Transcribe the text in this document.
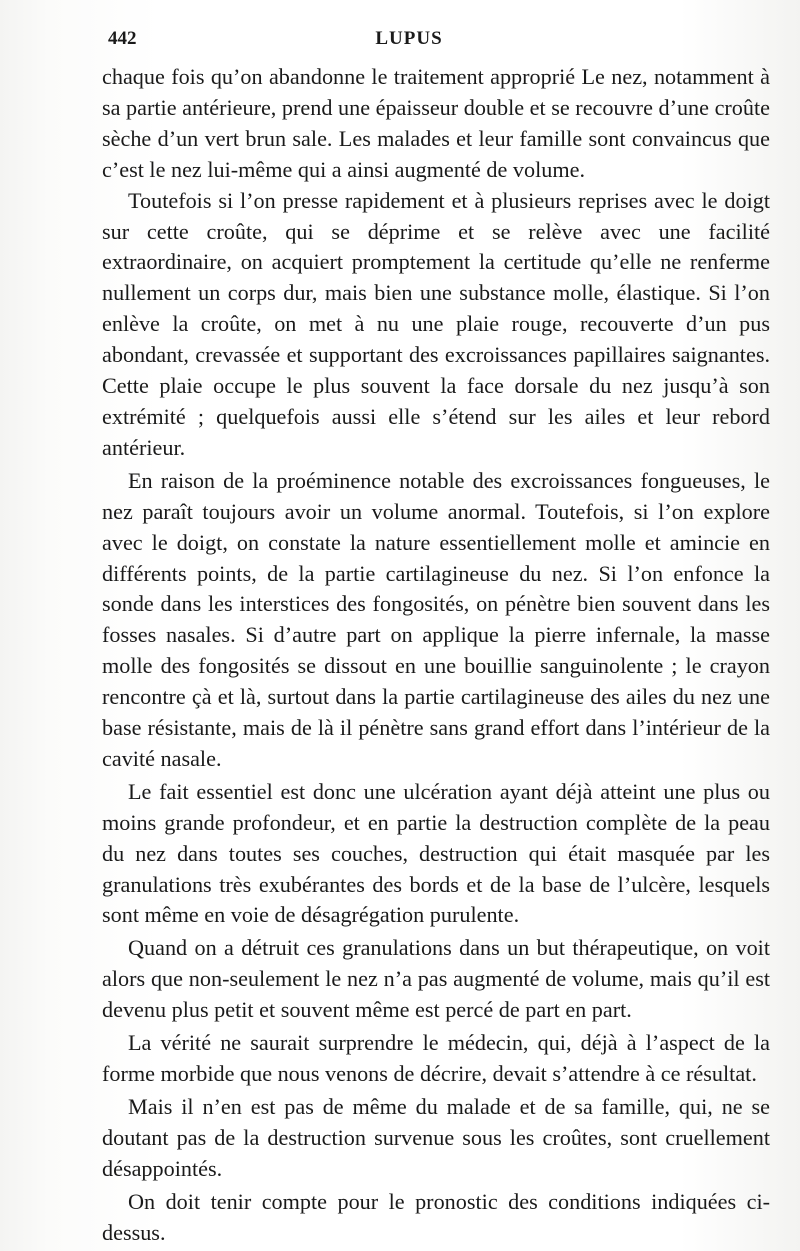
442	LUPUS

chaque fois qu’on abandonne le traitement approprié Le nez, notamment à sa partie antérieure, prend une épaisseur double et se recouvre d’une croûte sèche d’un vert brun sale. Les malades et leur famille sont convaincus que c’est le nez lui-même qui a ainsi augmenté de volume.

Toutefois si l’on presse rapidement et à plusieurs reprises avec le doigt sur cette croûte, qui se déprime et se relève avec une facilité extraordinaire, on acquiert promptement la certitude qu’elle ne renferme nullement un corps dur, mais bien une substance molle, élastique. Si l’on enlève la croûte, on met à nu une plaie rouge, recouverte d’un pus abondant, crevassée et supportant des excroissances papillaires saignantes. Cette plaie occupe le plus souvent la face dorsale du nez jusqu’à son extrémité ; quelquefois aussi elle s’étend sur les ailes et leur rebord antérieur.

En raison de la proéminence notable des excroissances fongueuses, le nez paraît toujours avoir un volume anormal. Toutefois, si l’on explore avec le doigt, on constate la nature essentiellement molle et amincie en différents points, de la partie cartilagineuse du nez. Si l’on enfonce la sonde dans les interstices des fongosités, on pénètre bien souvent dans les fosses nasales. Si d’autre part on applique la pierre infernale, la masse molle des fongosités se dissout en une bouillie sanguinolente ; le crayon rencontre çà et là, surtout dans la partie cartilagineuse des ailes du nez une base résistante, mais de là il pénètre sans grand effort dans l’intérieur de la cavité nasale.

Le fait essentiel est donc une ulcération ayant déjà atteint une plus ou moins grande profondeur, et en partie la destruction complète de la peau du nez dans toutes ses couches, destruction qui était masquée par les granulations très exubérantes des bords et de la base de l’ulcère, lesquels sont même en voie de désagrégation purulente.

Quand on a détruit ces granulations dans un but thérapeutique, on voit alors que non-seulement le nez n’a pas augmenté de volume, mais qu’il est devenu plus petit et souvent même est percé de part en part.

La vérité ne saurait surprendre le médecin, qui, déjà à l’aspect de la forme morbide que nous venons de décrire, devait s’attendre à ce résultat.

Mais il n’en est pas de même du malade et de sa famille, qui, ne se doutant pas de la destruction survenue sous les croûtes, sont cruellement désappointés.

On doit tenir compte pour le pronostic des conditions indiquées ci-dessus.
